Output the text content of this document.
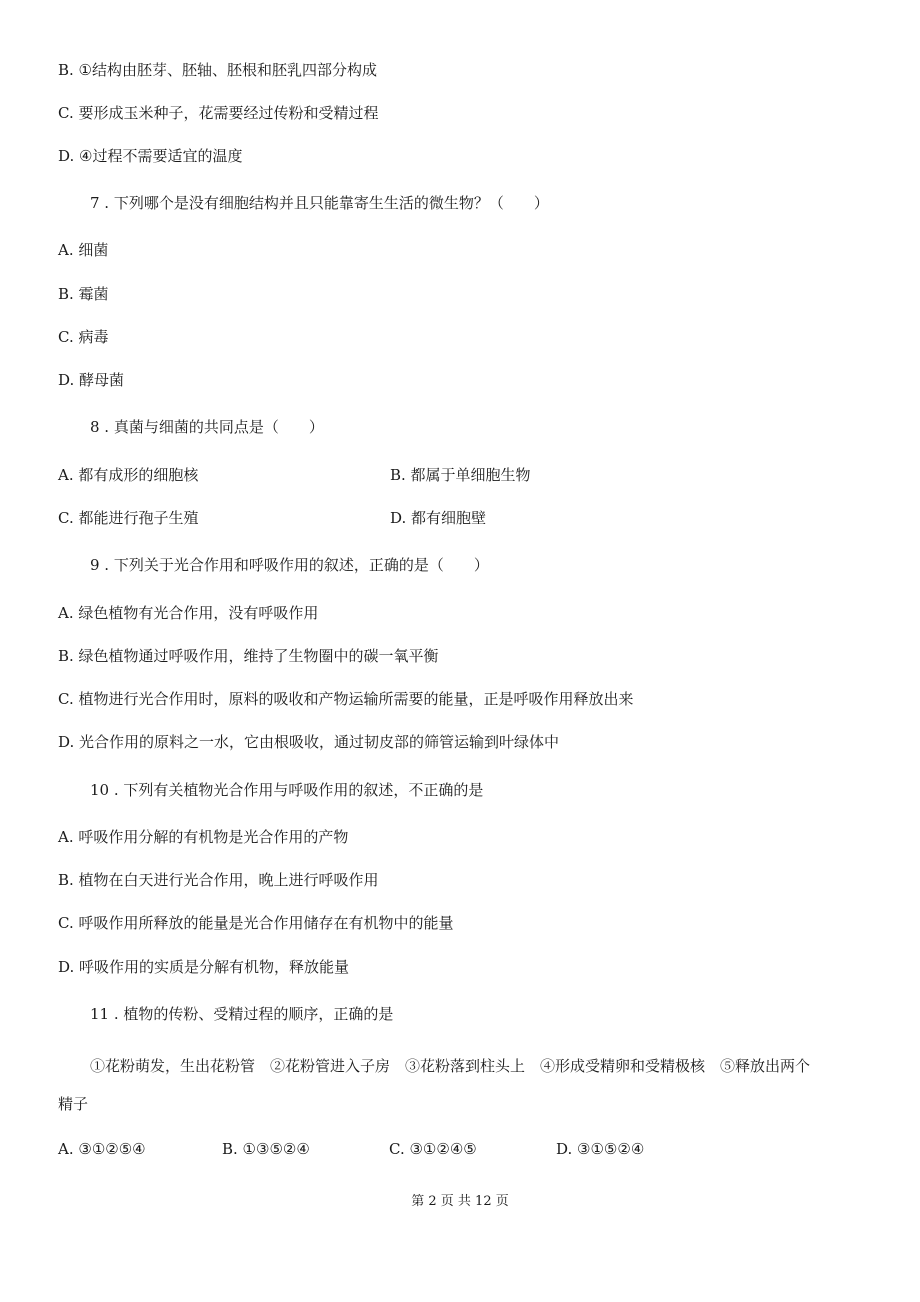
B. ①结构由胚芽、胚轴、胚根和胚乳四部分构成
C. 要形成玉米种子，花需要经过传粉和受精过程
D. ④过程不需要适宜的温度
7 . 下列哪个是没有细胞结构并且只能靠寄生生活的微生物？（　　）
A. 细菌
B. 霉菌
C. 病毒
D. 酵母菌
8 . 真菌与细菌的共同点是（　　）
A. 都有成形的细胞核	B. 都属于单细胞生物
C. 都能进行孢子生殖	D. 都有细胞壁
9 . 下列关于光合作用和呼吸作用的叙述，正确的是（　　）
A. 绿色植物有光合作用，没有呼吸作用
B. 绿色植物通过呼吸作用，维持了生物圈中的碳一氧平衡
C. 植物进行光合作用时，原料的吸收和产物运输所需要的能量，正是呼吸作用释放出来
D. 光合作用的原料之一水，它由根吸收，通过韧皮部的筛管运输到叶绿体中
10 . 下列有关植物光合作用与呼吸作用的叙述，不正确的是
A. 呼吸作用分解的有机物是光合作用的产物
B. 植物在白天进行光合作用，晚上进行呼吸作用
C. 呼吸作用所释放的能量是光合作用储存在有机物中的能量
D. 呼吸作用的实质是分解有机物，释放能量
11 . 植物的传粉、受精过程的顺序，正确的是
①花粉萌发，生出花粉管　②花粉管进入子房　③花粉落到柱头上　④形成受精卵和受精极核　⑤释放出两个
精子
A. ③①②⑤④	B. ①③⑤②④	C. ③①②④⑤	D. ③①⑤②④
第 2 页 共 12 页
